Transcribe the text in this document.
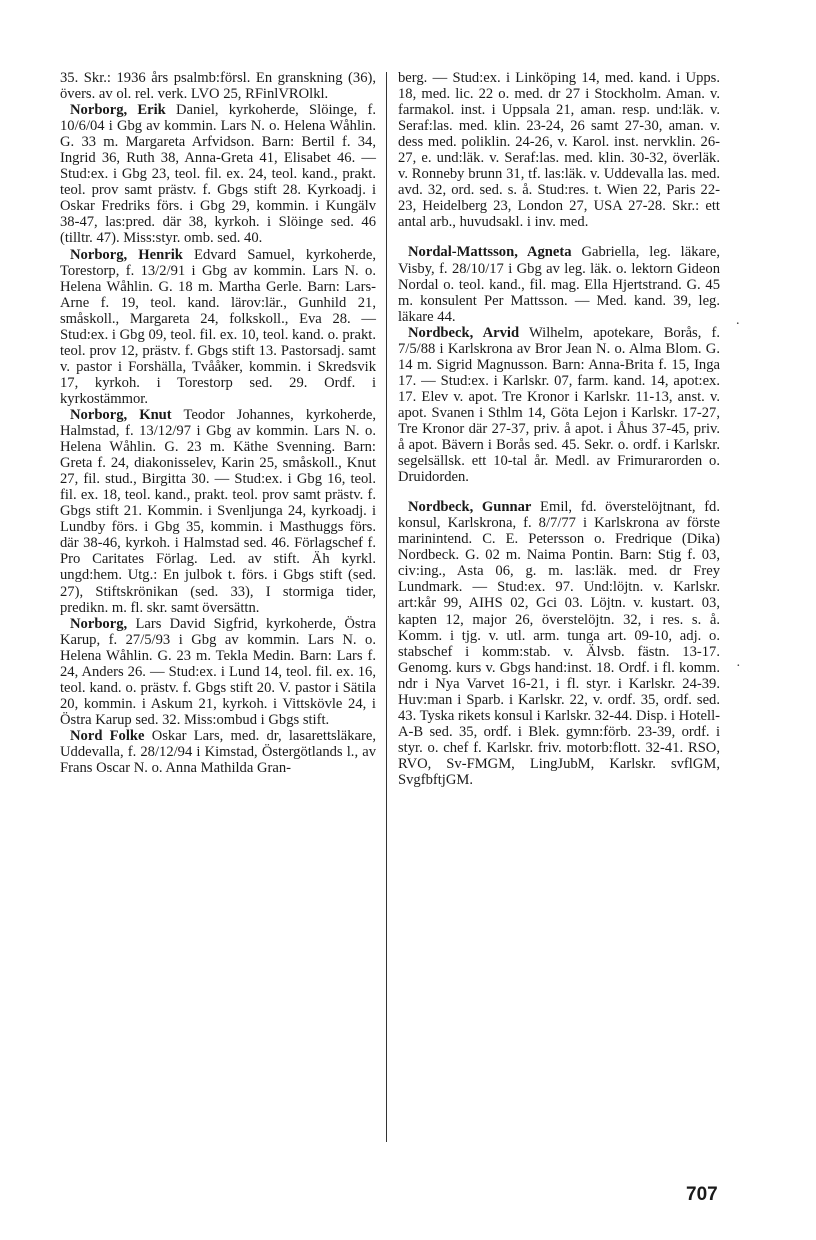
35. Skr.: 1936 års psalmb:försl. En granskning (36), övers. av ol. rel. verk. LVO 25, RFinlVROlkl.

Norborg, Erik Daniel, kyrkoherde, Slöinge, f. 10/6/04 i Gbg av kommin. Lars N. o. Helena Wåhlin. G. 33 m. Margareta Arfvidson. Barn: Bertil f. 34, Ingrid 36, Ruth 38, Anna-Greta 41, Elisabet 46. — Stud:ex. i Gbg 23, teol. fil. ex. 24, teol. kand., prakt. teol. prov samt prästv. f. Gbgs stift 28. Kyrkoadj. i Oskar Fredriks förs. i Gbg 29, kommin. i Kungälv 38-47, las:pred. där 38, kyrkoh. i Slöinge sed. 46 (tilltr. 47). Miss:styr. omb. sed. 40.

Norborg, Henrik Edvard Samuel, kyrkoherde, Torestorp, f. 13/2/91 i Gbg av kommin. Lars N. o. Helena Wåhlin. G. 18 m. Martha Gerle. Barn: Lars-Arne f. 19, teol. kand. lärov:lär., Gunhild 21, småskoll., Margareta 24, folkskoll., Eva 28. — Stud:ex. i Gbg 09, teol. fil. ex. 10, teol. kand. o. prakt. teol. prov 12, prästv. f. Gbgs stift 13. Pastorsadj. samt v. pastor i Forshälla, Tvååker, kommin. i Skredsvik 17, kyrkoh. i Torestorp sed. 29. Ordf. i kyrkostämmor.

Norborg, Knut Teodor Johannes, kyrkoherde, Halmstad, f. 13/12/97 i Gbg av kommin. Lars N. o. Helena Wåhlin. G. 23 m. Käthe Svenning. Barn: Greta f. 24, diakonisselev, Karin 25, småskoll., Knut 27, fil. stud., Birgitta 30. — Stud:ex. i Gbg 16, teol. fil. ex. 18, teol. kand., prakt. teol. prov samt prästv. f. Gbgs stift 21. Kommin. i Svenljunga 24, kyrkoadj. i Lundby förs. i Gbg 35, kommin. i Masthuggs förs. där 38-46, kyrkoh. i Halmstad sed. 46. Förlagschef f. Pro Caritates Förlag. Led. av stift. Äh kyrkl. ungd:hem. Utg.: En julbok t. förs. i Gbgs stift (sed. 27), Stiftskrönikan (sed. 33), I stormiga tider, predikn. m. fl. skr. samt översättn.

Norborg, Lars David Sigfrid, kyrkoherde, Östra Karup, f. 27/5/93 i Gbg av kommin. Lars N. o. Helena Wåhlin. G. 23 m. Tekla Medin. Barn: Lars f. 24, Anders 26. — Stud:ex. i Lund 14, teol. fil. ex. 16, teol. kand. o. prästv. f. Gbgs stift 20. V. pastor i Sätila 20, kommin. i Askum 21, kyrkoh. i Vittskövle 24, i Östra Karup sed. 32. Miss:ombud i Gbgs stift.

Nord Folke Oskar Lars, med. dr, lasarettsläkare, Uddevalla, f. 28/12/94 i Kimstad, Östergötlands l., av Frans Oscar N. o. Anna Mathilda Gran-

berg. — Stud:ex. i Linköping 14, med. kand. i Upps. 18, med. lic. 22 o. med. dr 27 i Stockholm. Aman. v. farmakol. inst. i Uppsala 21, aman. resp. und:läk. v. Seraf:las. med. klin. 23-24, 26 samt 27-30, aman. v. dess med. poliklin. 24-26, v. Karol. inst. nervklin. 26-27, e. und:läk. v. Seraf:las. med. klin. 30-32, överläk. v. Ronneby brunn 31, tf. las:läk. v. Uddevalla las. med. avd. 32, ord. sed. s. å. Stud:res. t. Wien 22, Paris 22-23, Heidelberg 23, London 27, USA 27-28. Skr.: ett antal arb., huvudsakl. i inv. med.

Nordal-Mattsson, Agneta Gabriella, leg. läkare, Visby, f. 28/10/17 i Gbg av leg. läk. o. lektorn Gideon Nordal o. teol. kand., fil. mag. Ella Hjertstrand. G. 45 m. konsulent Per Mattsson. — Med. kand. 39, leg. läkare 44.

Nordbeck, Arvid Wilhelm, apotekare, Borås, f. 7/5/88 i Karlskrona av Bror Jean N. o. Alma Blom. G. 14 m. Sigrid Magnusson. Barn: Anna-Brita f. 15, Inga 17. — Stud:ex. i Karlskr. 07, farm. kand. 14, apot:ex. 17. Elev v. apot. Tre Kronor i Karlskr. 11-13, anst. v. apot. Svanen i Sthlm 14, Göta Lejon i Karlskr. 17-27, Tre Kronor där 27-37, priv. å apot. i Åhus 37-45, priv. å apot. Bävern i Borås sed. 45. Sekr. o. ordf. i Karlskr. segelsällsk. ett 10-tal år. Medl. av Frimurarorden o. Druidorden.

Nordbeck, Gunnar Emil, fd. överstelöjtnant, fd. konsul, Karlskrona, f. 8/7/77 i Karlskrona av förste marinintend. C. E. Petersson o. Fredrique (Dika) Nordbeck. G. 02 m. Naima Pontin. Barn: Stig f. 03, civ:ing., Asta 06, g. m. las:läk. med. dr Frey Lundmark. — Stud:ex. 97. Und:löjtn. v. Karlskr. art:kår 99, AIHS 02, Gci 03. Löjtn. v. kustart. 03, kapten 12, major 26, överstelöjtn. 32, i res. s. å. Komm. i tjg. v. utl. arm. tunga art. 09-10, adj. o. stabschef i komm:stab. v. Älvsb. fästn. 13-17. Genomg. kurs v. Gbgs hand:inst. 18. Ordf. i fl. komm. ndr i Nya Varvet 16-21, i fl. styr. i Karlskr. 24-39. Huv:man i Sparb. i Karlskr. 22, v. ordf. 35, ordf. sed. 43. Tyska rikets konsul i Karlskr. 32-44. Disp. i Hotell-A-B sed. 35, ordf. i Blek. gymn:förb. 23-39, ordf. i styr. o. chef f. Karlskr. friv. motorb:flott. 32-41. RSO, RVO, Sv-FMGM, LingJubM, Karlskr. svflGM, SvgfbftjGM.

.
·
707
